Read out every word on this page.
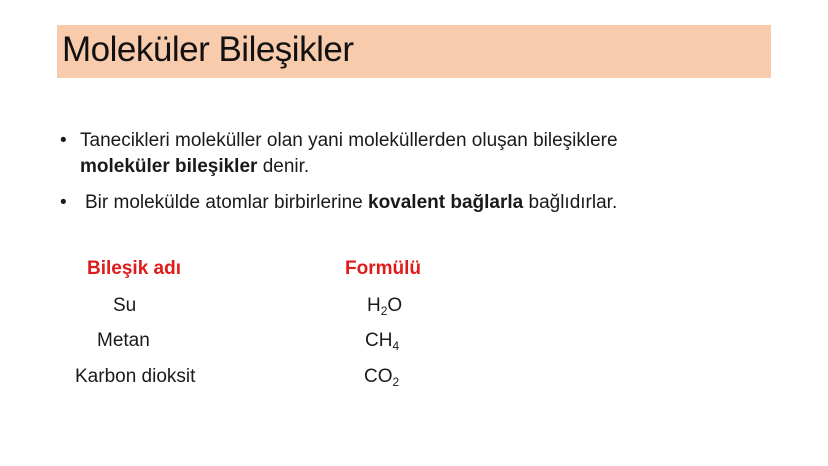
Moleküler Bileşikler
• Tanecikleri moleküller olan yani moleküllerden oluşan bileşiklere
moleküler bileşikler denir.

• Bir molekülde atomlar birbirlerine kovalent bağlarla bağlıdırlar.

Bileşik adı	Formülü
Su	$H_2O$
Metan	$CH_4$
Karbon dioksit	$CO_2$
